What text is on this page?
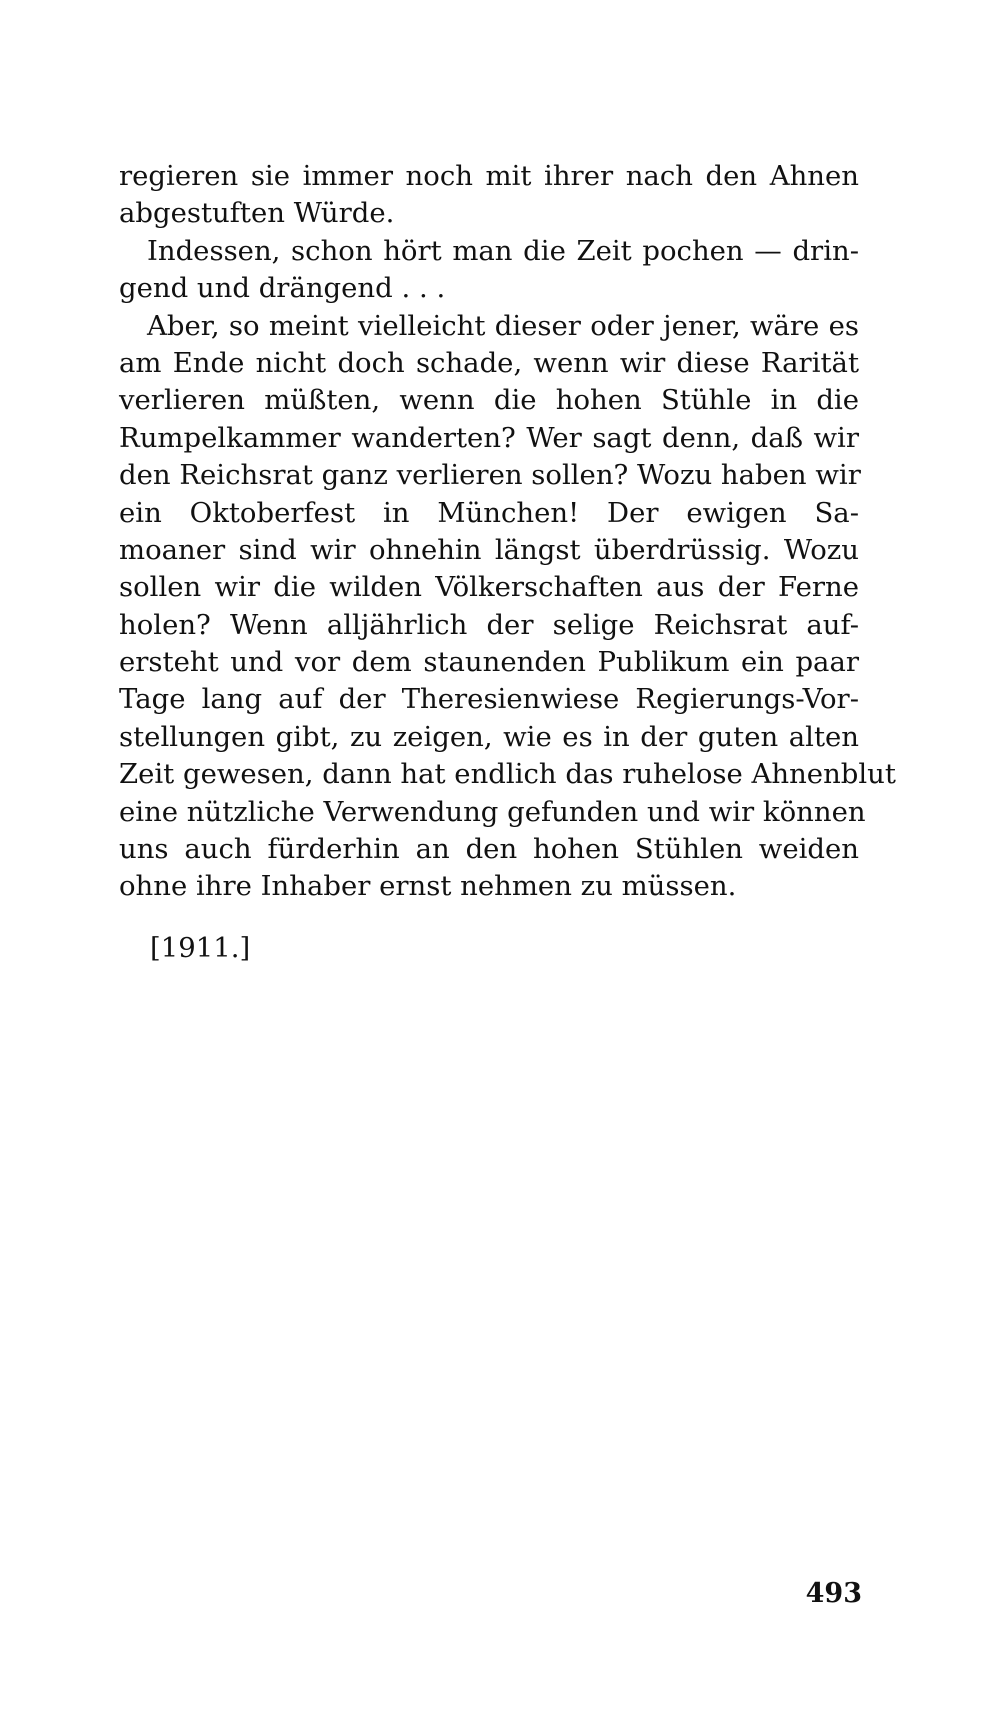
regieren sie immer noch mit ihrer nach den Ahnen
abgestuften Würde.
Indessen, schon hört man die Zeit pochen — drin-
gend und drängend . . .
Aber, so meint vielleicht dieser oder jener, wäre es
am Ende nicht doch schade, wenn wir diese Rarität
verlieren müßten, wenn die hohen Stühle in die
Rumpelkammer wanderten? Wer sagt denn, daß wir
den Reichsrat ganz verlieren sollen? Wozu haben wir
ein Oktoberfest in München! Der ewigen Sa-
moaner sind wir ohnehin längst überdrüssig. Wozu
sollen wir die wilden Völkerschaften aus der Ferne
holen? Wenn alljährlich der selige Reichsrat auf-
ersteht und vor dem staunenden Publikum ein paar
Tage lang auf der Theresienwiese Regierungs-Vor-
stellungen gibt, zu zeigen, wie es in der guten alten
Zeit gewesen, dann hat endlich das ruhelose Ahnenblut
eine nützliche Verwendung gefunden und wir können
uns auch fürderhin an den hohen Stühlen weiden
ohne ihre Inhaber ernst nehmen zu müssen.
[1911.]
493
